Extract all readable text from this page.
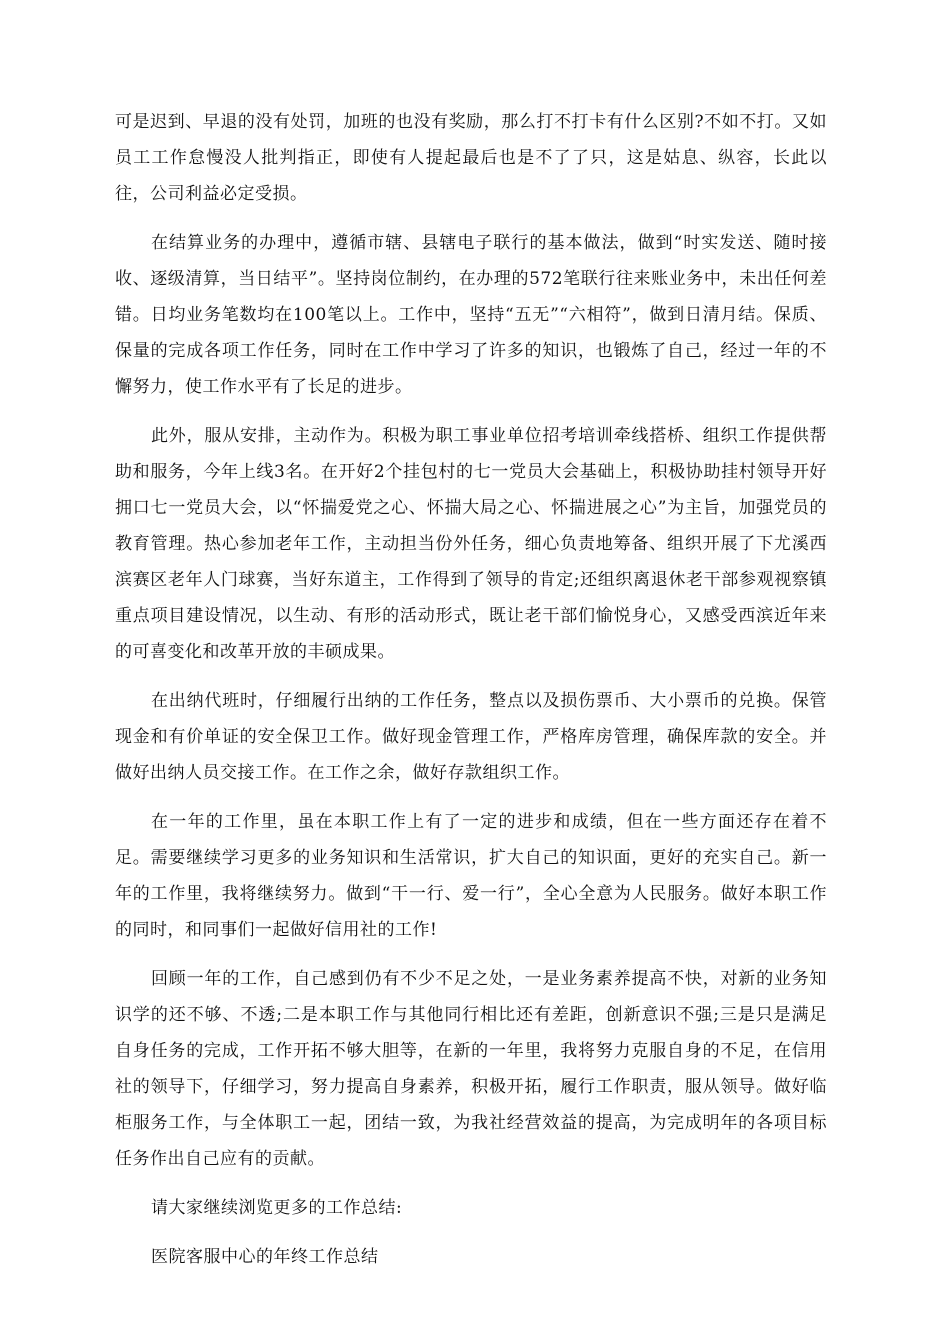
可是迟到、早退的没有处罚，加班的也没有奖励，那么打不打卡有什么区别?不如不打。又如员工工作怠慢没人批判指正，即使有人提起最后也是不了了只，这是姑息、纵容，长此以往，公司利益必定受损。

在结算业务的办理中，遵循市辖、县辖电子联行的基本做法，做到“时实发送、随时接收、逐级清算，当日结平”。坚持岗位制约，在办理的572笔联行往来账业务中，未出任何差错。日均业务笔数均在100笔以上。工作中，坚持“五无”“六相符”，做到日清月结。保质、保量的完成各项工作任务，同时在工作中学习了许多的知识，也锻炼了自己，经过一年的不懈努力，使工作水平有了长足的进步。

此外，服从安排，主动作为。积极为职工事业单位招考培训牵线搭桥、组织工作提供帮助和服务，今年上线3名。在开好2个挂包村的七一党员大会基础上，积极协助挂村领导开好拥口七一党员大会，以“怀揣爱党之心、怀揣大局之心、怀揣进展之心”为主旨，加强党员的教育管理。热心参加老年工作，主动担当份外任务，细心负责地筹备、组织开展了下尤溪西滨赛区老年人门球赛，当好东道主，工作得到了领导的肯定;还组织离退休老干部参观视察镇重点项目建设情况，以生动、有形的活动形式，既让老干部们愉悦身心，又感受西滨近年来的可喜变化和改革开放的丰硕成果。

在出纳代班时，仔细履行出纳的工作任务，整点以及损伤票币、大小票币的兑换。保管现金和有价单证的安全保卫工作。做好现金管理工作，严格库房管理，确保库款的安全。并做好出纳人员交接工作。在工作之余，做好存款组织工作。

在一年的工作里，虽在本职工作上有了一定的进步和成绩，但在一些方面还存在着不足。需要继续学习更多的业务知识和生活常识，扩大自己的知识面，更好的充实自己。新一年的工作里，我将继续努力。做到“干一行、爱一行”，全心全意为人民服务。做好本职工作的同时，和同事们一起做好信用社的工作!

回顾一年的工作，自己感到仍有不少不足之处，一是业务素养提高不快，对新的业务知识学的还不够、不透;二是本职工作与其他同行相比还有差距，创新意识不强;三是只是满足自身任务的完成，工作开拓不够大胆等，在新的一年里，我将努力克服自身的不足，在信用社的领导下，仔细学习，努力提高自身素养，积极开拓，履行工作职责，服从领导。做好临柜服务工作，与全体职工一起，团结一致，为我社经营效益的提高，为完成明年的各项目标任务作出自己应有的贡献。

请大家继续浏览更多的工作总结:

医院客服中心的年终工作总结
